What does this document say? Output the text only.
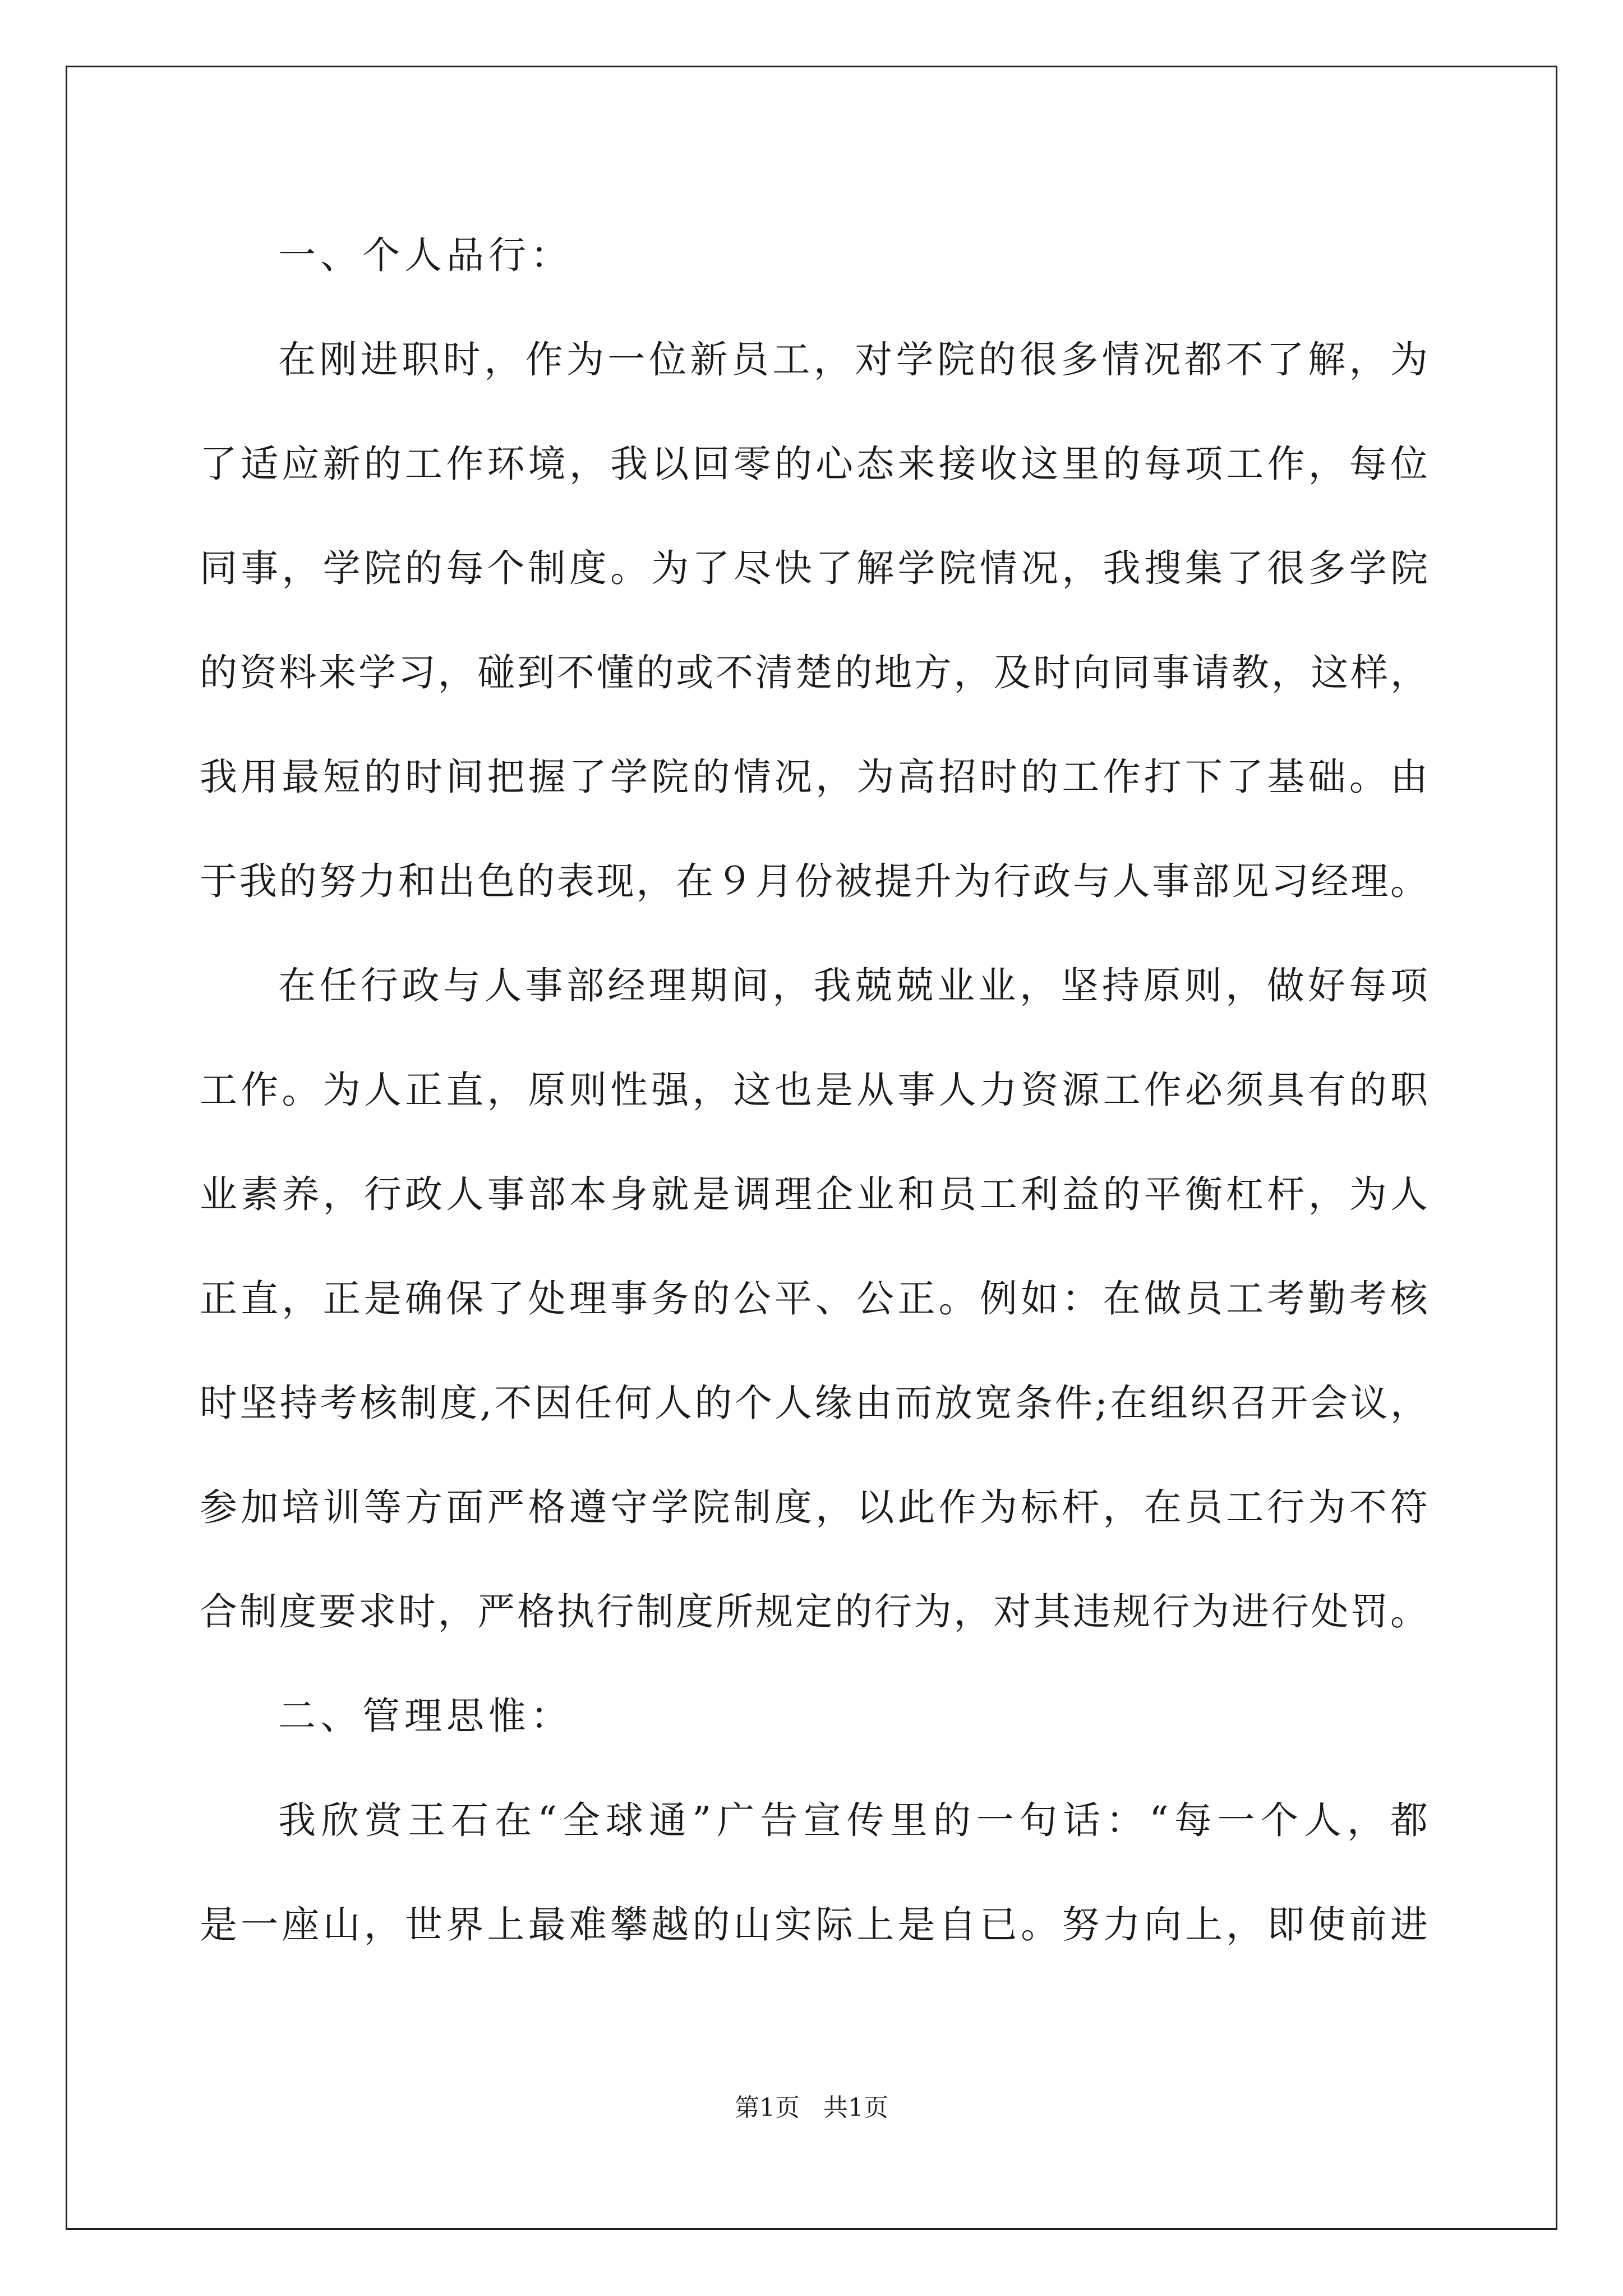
一、个人品行：
在刚进职时，作为一位新员工，对学院的很多情况都不了解，为
了适应新的工作环境，我以回零的心态来接收这里的每项工作，每位
同事，学院的每个制度。为了尽快了解学院情况，我搜集了很多学院
的资料来学习，碰到不懂的或不清楚的地方，及时向同事请教，这样，
我用最短的时间把握了学院的情况，为高招时的工作打下了基础。由
于我的努力和出色的表现，在９月份被提升为行政与人事部见习经理。
在任行政与人事部经理期间，我兢兢业业，坚持原则，做好每项
工作。为人正直，原则性强，这也是从事人力资源工作必须具有的职
业素养，行政人事部本身就是调理企业和员工利益的平衡杠杆，为人
正直，正是确保了处理事务的公平、公正。例如：在做员工考勤考核
时坚持考核制度,不因任何人的个人缘由而放宽条件;在组织召开会议，
参加培训等方面严格遵守学院制度，以此作为标杆，在员工行为不符
合制度要求时，严格执行制度所规定的行为，对其违规行为进行处罚。
二、管理思惟：
我欣赏王石在“全球通”广告宣传里的一句话：“每一个人，都
是一座山，世界上最难攀越的山实际上是自已。努力向上，即使前进
第1页 共1页
